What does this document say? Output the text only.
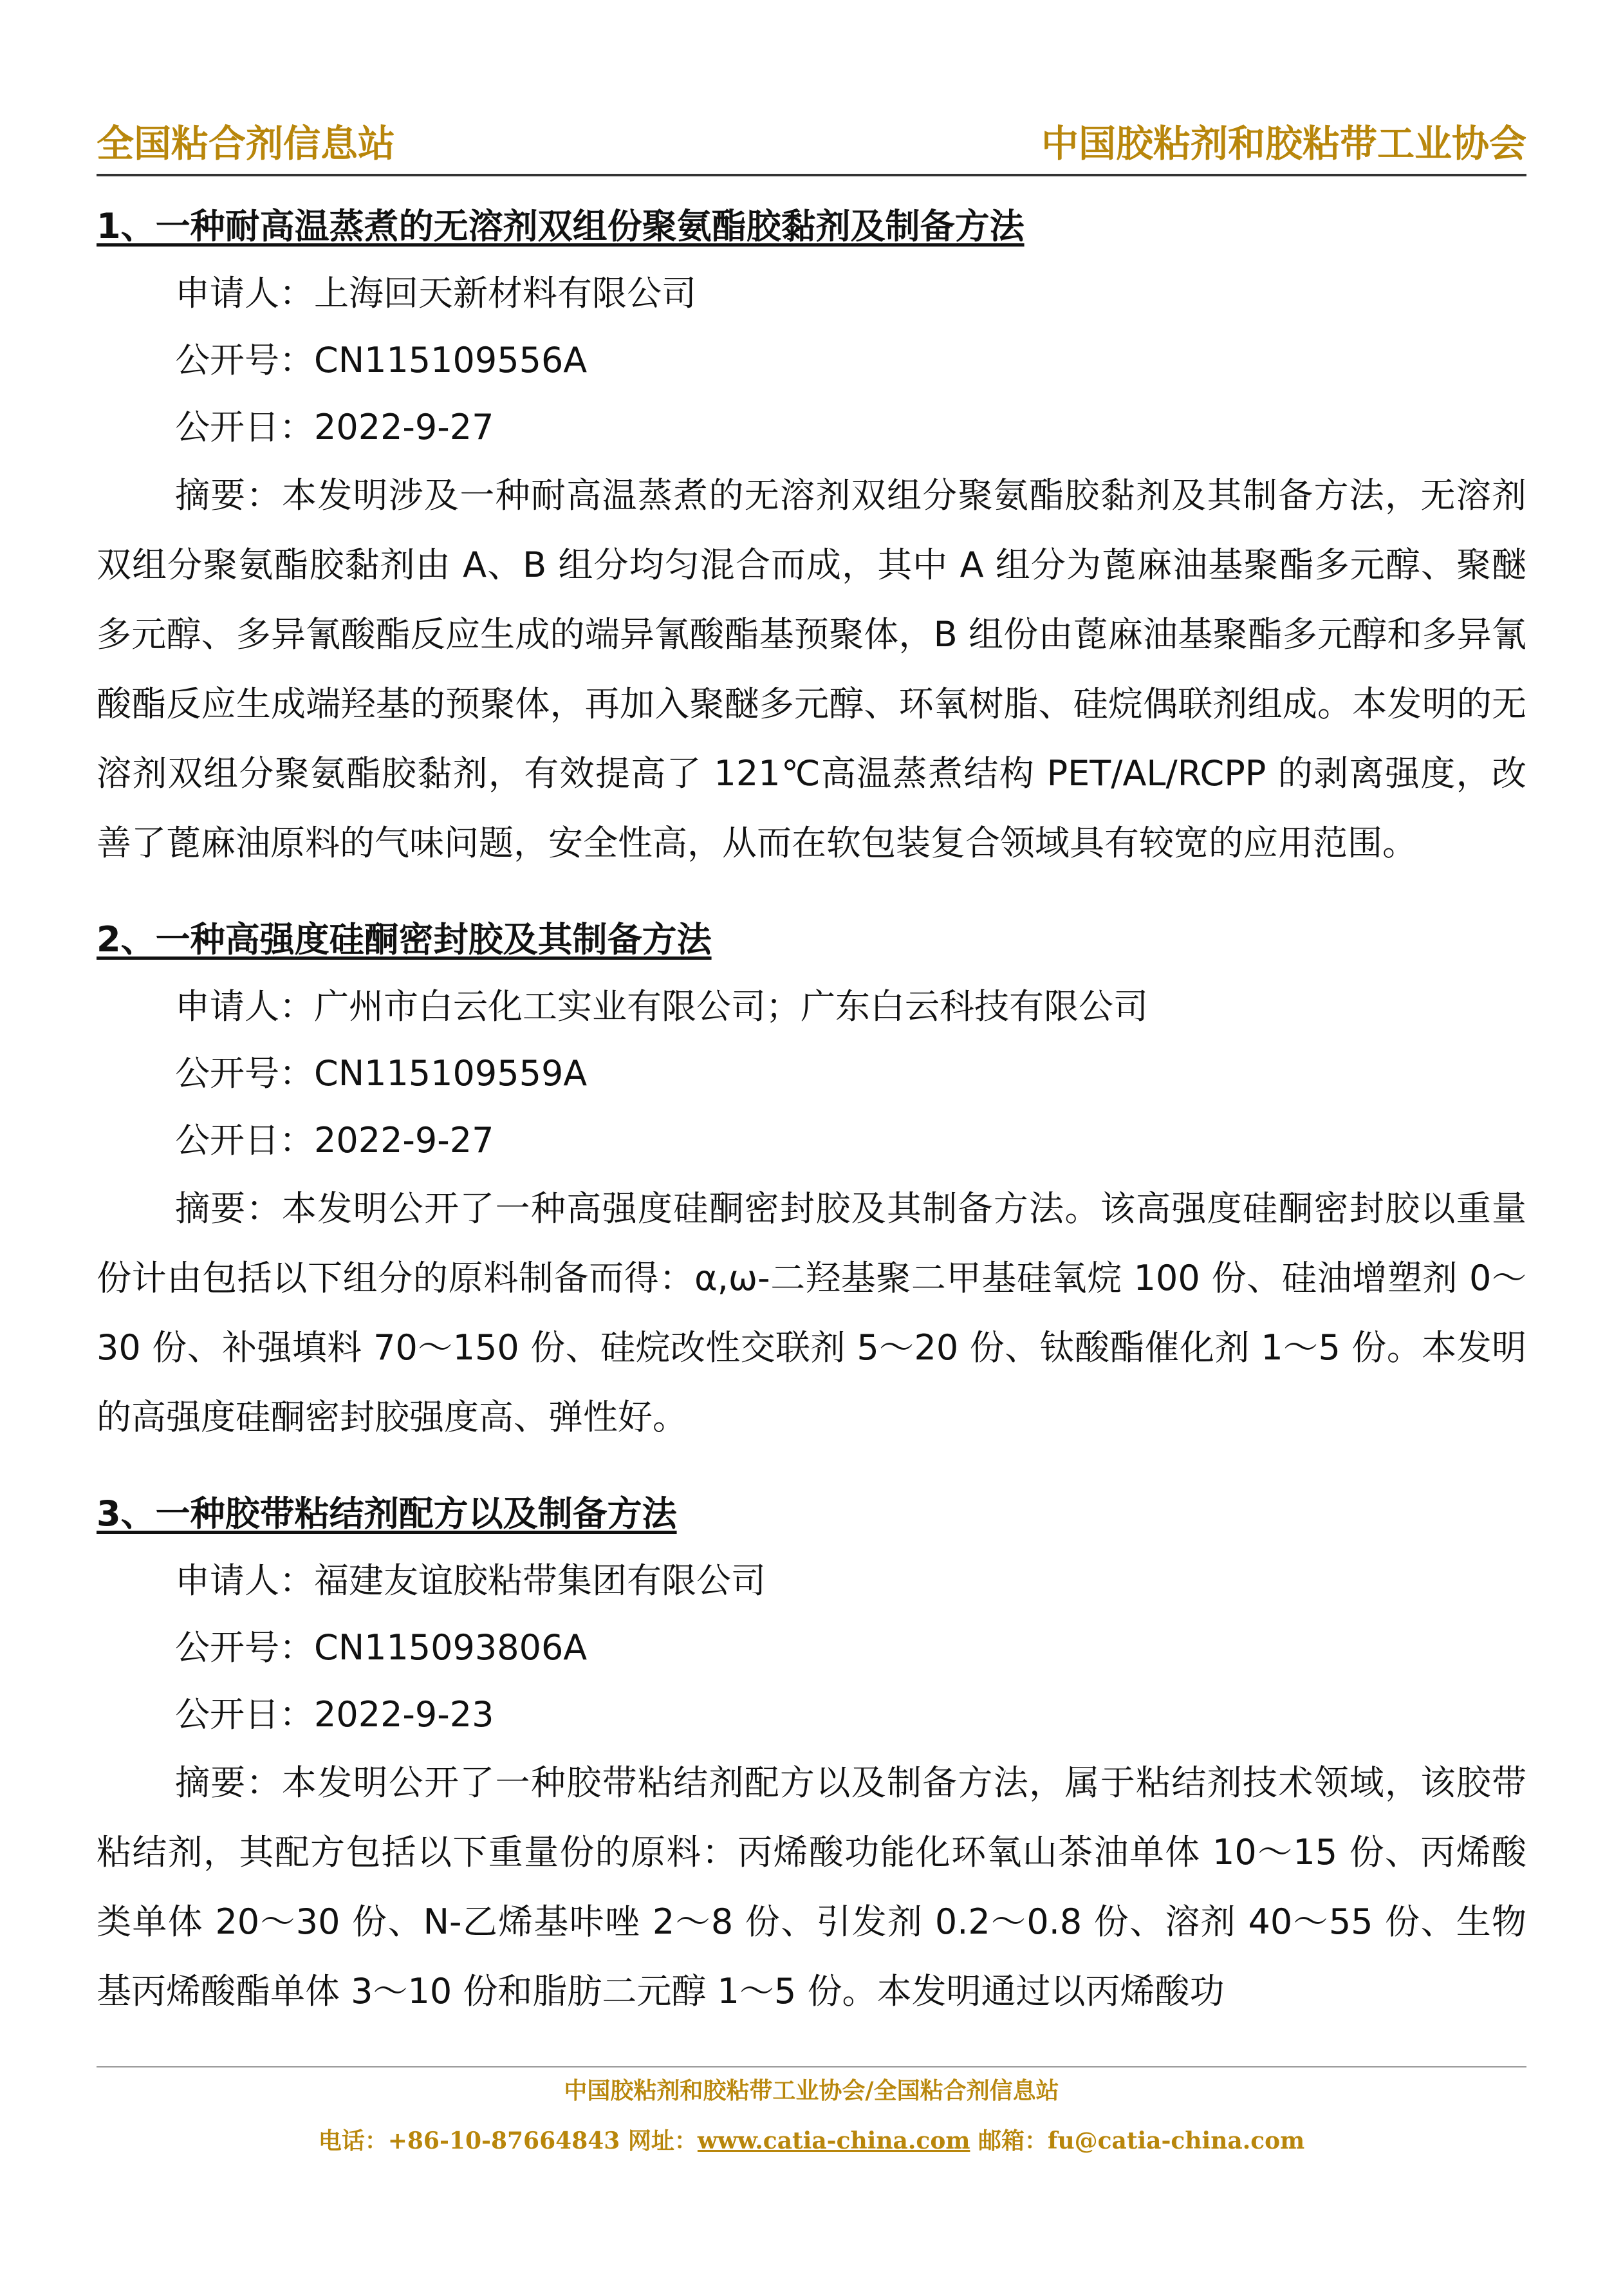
全国粘合剂信息站	中国胶粘剂和胶粘带工业协会
1、一种耐高温蒸煮的无溶剂双组份聚氨酯胶黏剂及制备方法
申请人：上海回天新材料有限公司
公开号：CN115109556A
公开日：2022-9-27

摘要：本发明涉及一种耐高温蒸煮的无溶剂双组分聚氨酯胶黏剂及其制备方法，无溶剂双组分聚氨酯胶黏剂由 A、B 组分均匀混合而成，其中 A 组分为蓖麻油基聚酯多元醇、聚醚多元醇、多异氰酸酯反应生成的端异氰酸酯基预聚体，B 组份由蓖麻油基聚酯多元醇和多异氰酸酯反应生成端羟基的预聚体，再加入聚醚多元醇、环氧树脂、硅烷偶联剂组成。本发明的无溶剂双组分聚氨酯胶黏剂，有效提高了 121℃高温蒸煮结构 PET/AL/RCPP 的剥离强度，改善了蓖麻油原料的气味问题，安全性高，从而在软包装复合领域具有较宽的应用范围。

2、一种高强度硅酮密封胶及其制备方法
申请人：广州市白云化工实业有限公司；广东白云科技有限公司
公开号：CN115109559A
公开日：2022-9-27

摘要：本发明公开了一种高强度硅酮密封胶及其制备方法。该高强度硅酮密封胶以重量份计由包括以下组分的原料制备而得：α,ω-二羟基聚二甲基硅氧烷 100 份、硅油增塑剂 0～30 份、补强填料 70～150 份、硅烷改性交联剂 5～20 份、钛酸酯催化剂 1～5 份。本发明的高强度硅酮密封胶强度高、弹性好。

3、一种胶带粘结剂配方以及制备方法
申请人：福建友谊胶粘带集团有限公司
公开号：CN115093806A
公开日：2022-9-23

摘要：本发明公开了一种胶带粘结剂配方以及制备方法，属于粘结剂技术领域，该胶带粘结剂，其配方包括以下重量份的原料：丙烯酸功能化环氧山茶油单体 10～15 份、丙烯酸类单体 20～30 份、N-乙烯基咔唑 2～8 份、引发剂 0.2～0.8 份、溶剂 40～55 份、生物基丙烯酸酯单体 3～10 份和脂肪二元醇 1～5 份。本发明通过以丙烯酸功

中国胶粘剂和胶粘带工业协会/全国粘合剂信息站
电话：+86-10-87664843 网址：www.catia-china.com 邮箱：fu@catia-china.com
